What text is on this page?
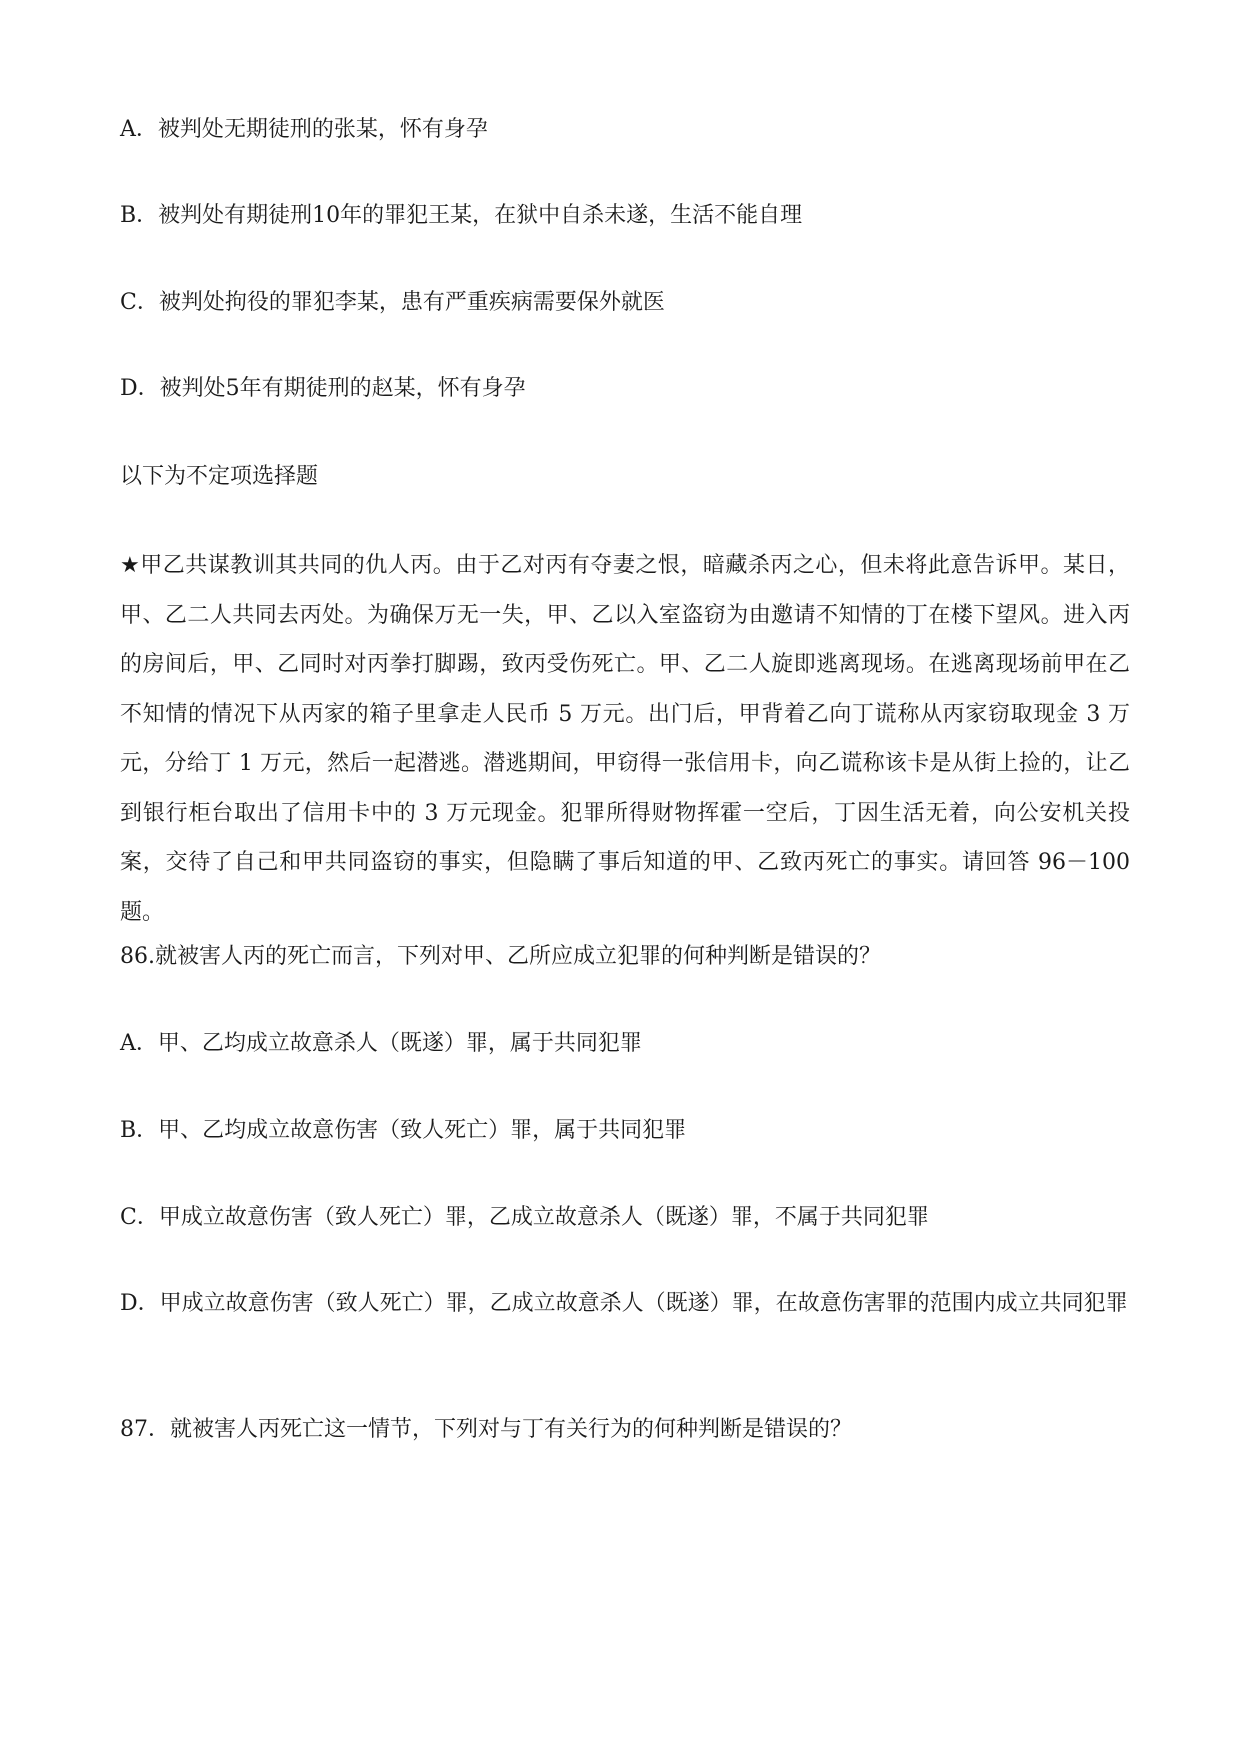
A．被判处无期徒刑的张某，怀有身孕
B．被判处有期徒刑10年的罪犯王某，在狱中自杀未遂，生活不能自理
C．被判处拘役的罪犯李某，患有严重疾病需要保外就医
D．被判处5年有期徒刑的赵某，怀有身孕
以下为不定项选择题
★甲乙共谋教训其共同的仇人丙。由于乙对丙有夺妻之恨，暗藏杀丙之心，但未将此意告诉甲。某日，甲、乙二人共同去丙处。为确保万无一失，甲、乙以入室盗窃为由邀请不知情的丁在楼下望风。进入丙的房间后，甲、乙同时对丙拳打脚踢，致丙受伤死亡。甲、乙二人旋即逃离现场。在逃离现场前甲在乙不知情的情况下从丙家的箱子里拿走人民币 5 万元。出门后，甲背着乙向丁谎称从丙家窃取现金 3 万元，分给丁 1 万元，然后一起潜逃。潜逃期间，甲窃得一张信用卡，向乙谎称该卡是从街上捡的，让乙到银行柜台取出了信用卡中的 3 万元现金。犯罪所得财物挥霍一空后，丁因生活无着，向公安机关投案，交待了自己和甲共同盗窃的事实，但隐瞒了事后知道的甲、乙致丙死亡的事实。请回答 96－100 题。
86.就被害人丙的死亡而言，下列对甲、乙所应成立犯罪的何种判断是错误的？
A．甲、乙均成立故意杀人（既遂）罪，属于共同犯罪
B．甲、乙均成立故意伤害（致人死亡）罪，属于共同犯罪
C．甲成立故意伤害（致人死亡）罪，乙成立故意杀人（既遂）罪，不属于共同犯罪
D．甲成立故意伤害（致人死亡）罪，乙成立故意杀人（既遂）罪，在故意伤害罪的范围内成立共同犯罪
87．就被害人丙死亡这一情节，下列对与丁有关行为的何种判断是错误的？
